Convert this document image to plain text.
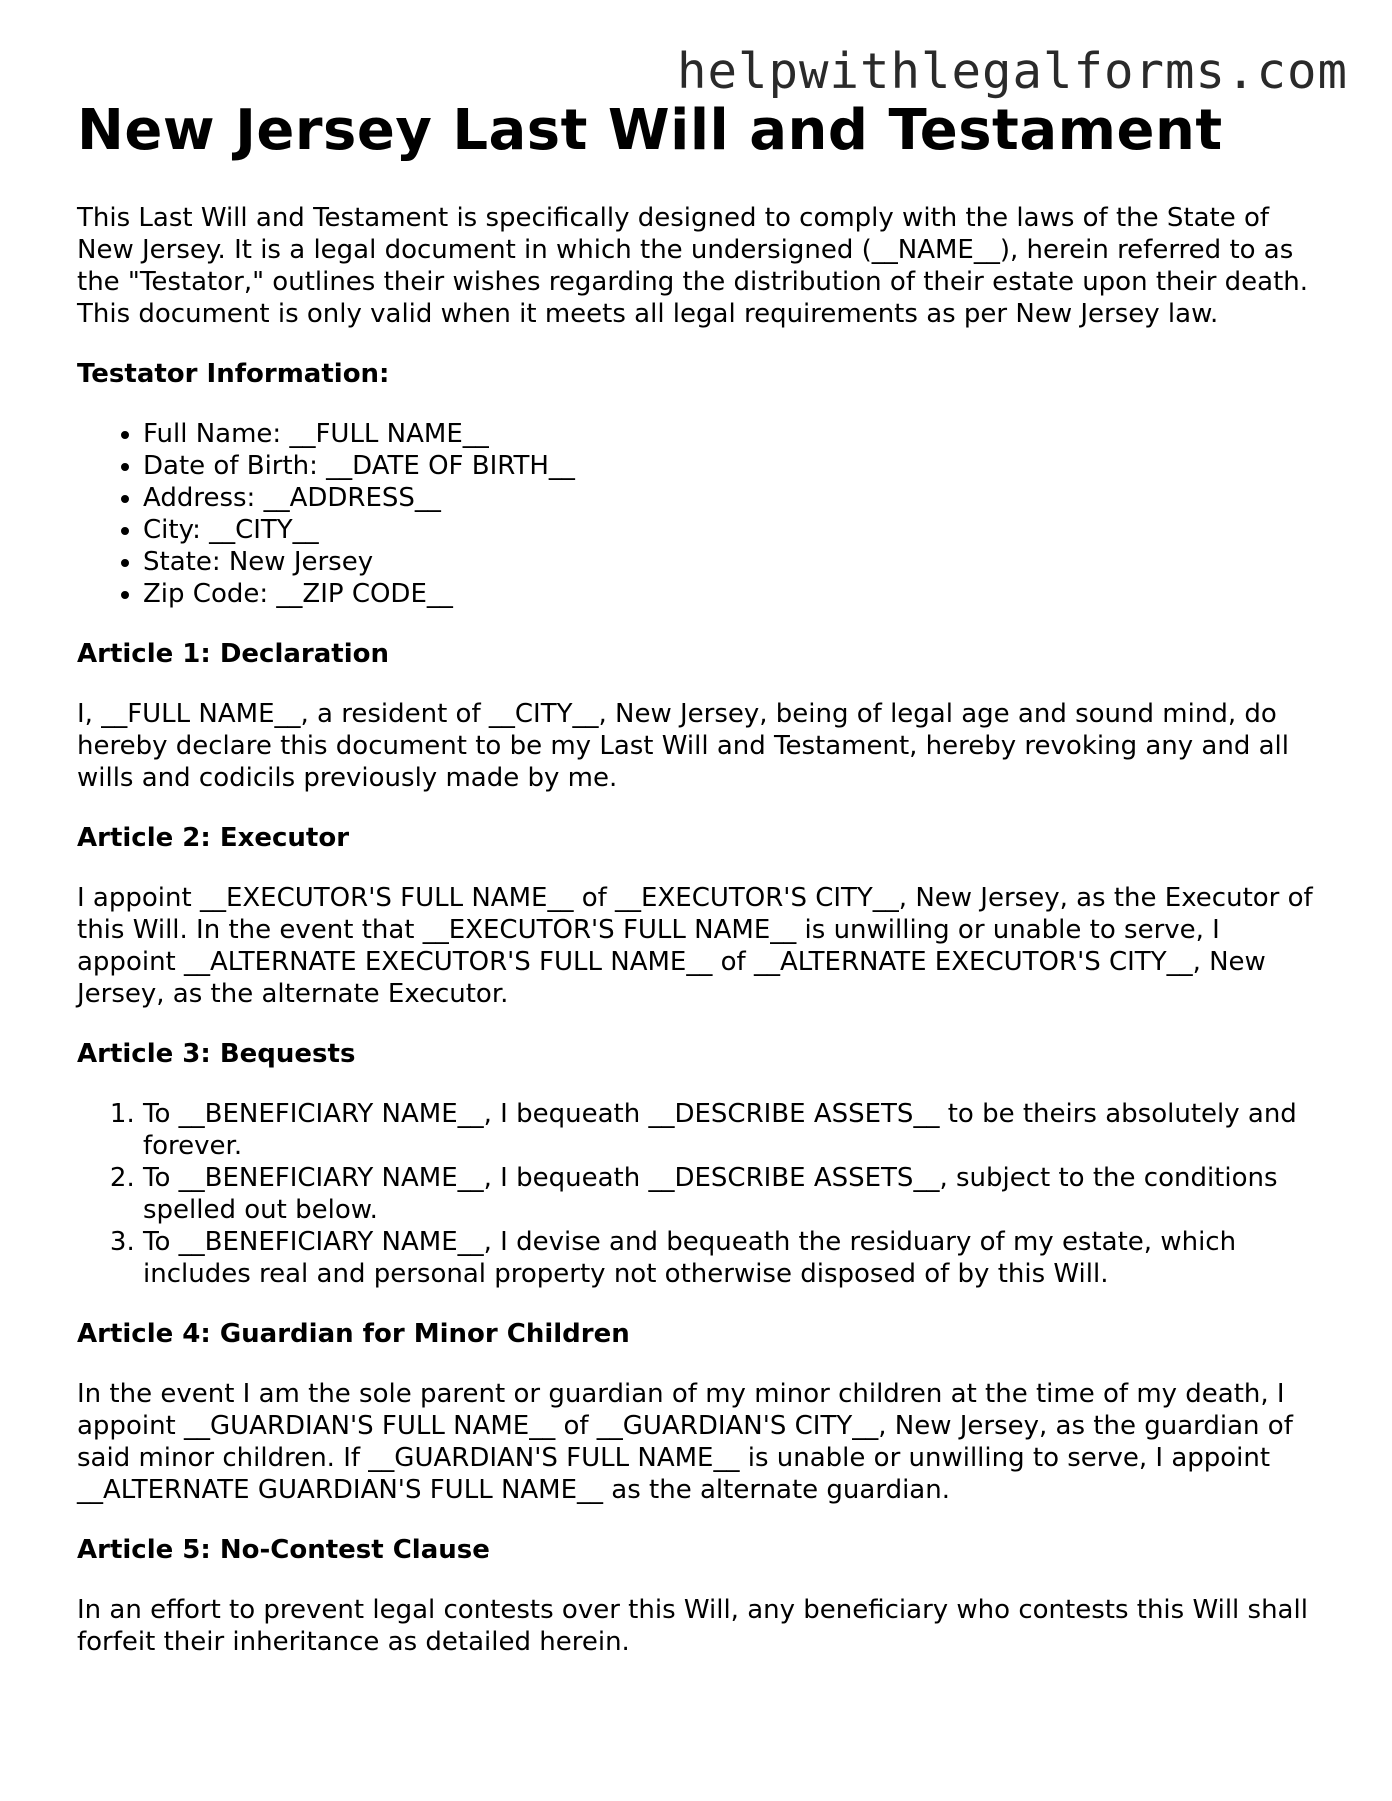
helpwithlegalforms.com
New Jersey Last Will and Testament

This Last Will and Testament is specifically designed to comply with the laws of the State of New Jersey. It is a legal document in which the undersigned (__NAME__), herein referred to as the "Testator," outlines their wishes regarding the distribution of their estate upon their death. This document is only valid when it meets all legal requirements as per New Jersey law.

Testator Information:
• Full Name: __FULL NAME__
• Date of Birth: __DATE OF BIRTH__
• Address: __ADDRESS__
• City: __CITY__
• State: New Jersey
• Zip Code: __ZIP CODE__
Article 1: Declaration

I, __FULL NAME__, a resident of __CITY__, New Jersey, being of legal age and sound mind, do hereby declare this document to be my Last Will and Testament, hereby revoking any and all wills and codicils previously made by me.

Article 2: Executor

I appoint __EXECUTOR'S FULL NAME__ of __EXECUTOR'S CITY__, New Jersey, as the Executor of this Will. In the event that __EXECUTOR'S FULL NAME__ is unwilling or unable to serve, I appoint __ALTERNATE EXECUTOR'S FULL NAME__ of __ALTERNATE EXECUTOR'S CITY__, New Jersey, as the alternate Executor.

Article 3: Bequests
1. To __BENEFICIARY NAME__, I bequeath __DESCRIBE ASSETS__ to be theirs absolutely and forever.
2. To __BENEFICIARY NAME__, I bequeath __DESCRIBE ASSETS__, subject to the conditions spelled out below.
3. To __BENEFICIARY NAME__, I devise and bequeath the residuary of my estate, which includes real and personal property not otherwise disposed of by this Will.
Article 4: Guardian for Minor Children

In the event I am the sole parent or guardian of my minor children at the time of my death, I appoint __GUARDIAN'S FULL NAME__ of __GUARDIAN'S CITY__, New Jersey, as the guardian of said minor children. If __GUARDIAN'S FULL NAME__ is unable or unwilling to serve, I appoint __ALTERNATE GUARDIAN'S FULL NAME__ as the alternate guardian.

Article 5: No-Contest Clause

In an effort to prevent legal contests over this Will, any beneficiary who contests this Will shall forfeit their inheritance as detailed herein.
